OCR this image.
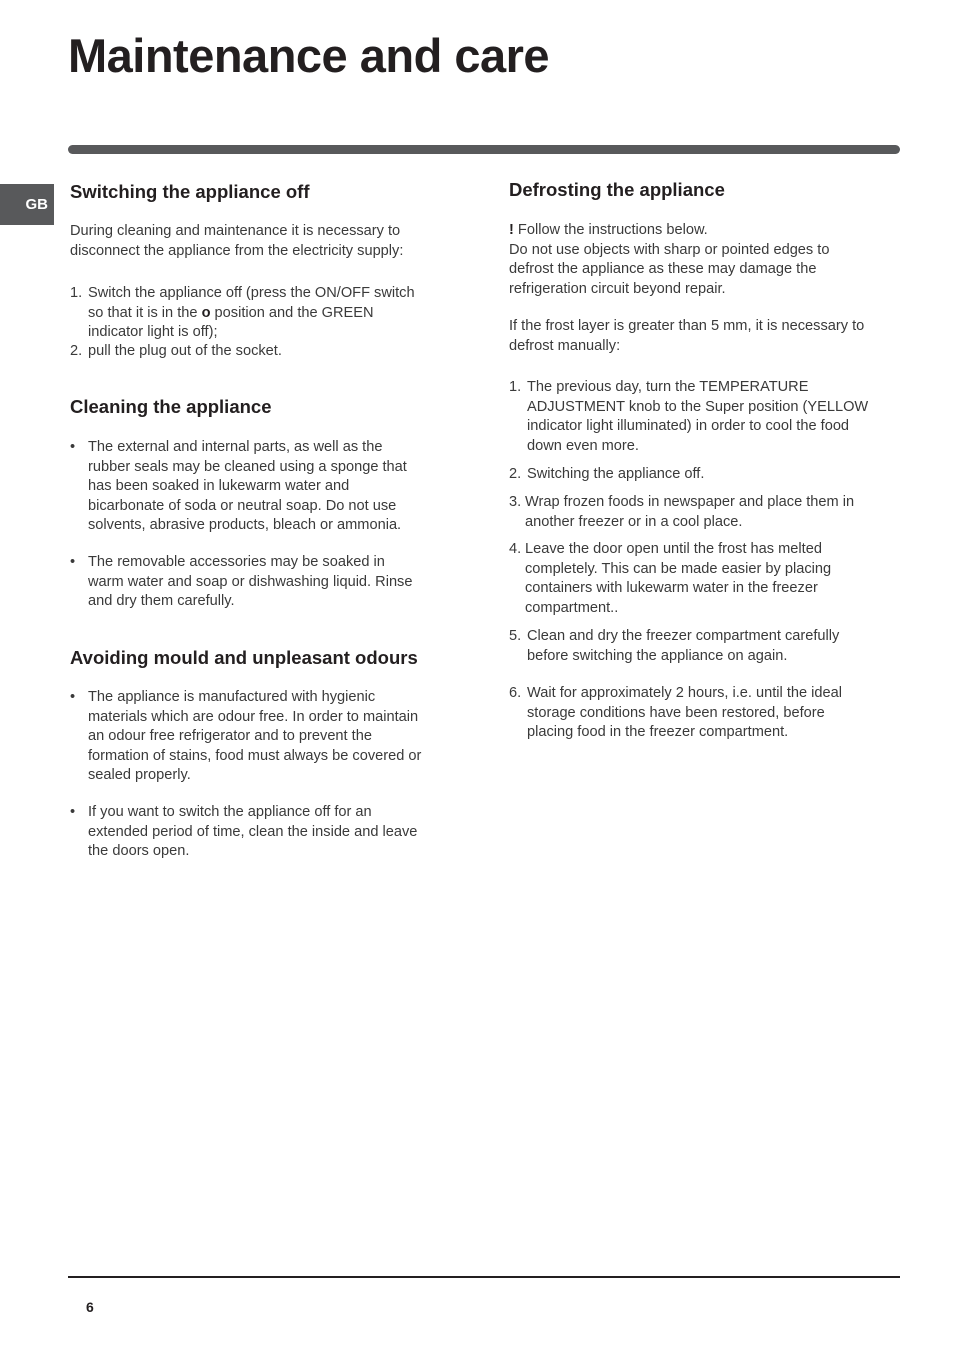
Maintenance and care
GB
Switching the appliance off

During cleaning and maintenance it is necessary to
disconnect the appliance from the electricity supply:

1. Switch the appliance off (press the ON/OFF switch
so that it is in the o position and the GREEN
indicator light is off);
2. pull the plug out of the socket.
Cleaning the appliance
• The external and internal parts, as well as the
rubber seals may be cleaned using a sponge that
has been soaked in lukewarm water and
bicarbonate of soda or neutral soap. Do not use
solvents, abrasive products, bleach or ammonia.
• The removable accessories may be soaked in
warm water and soap or dishwashing liquid. Rinse
and dry them carefully.
Avoiding mould and unpleasant odours
• The appliance is manufactured with hygienic
materials which are odour free. In order to maintain
an odour free refrigerator and to prevent the
formation of stains, food must always be covered or
sealed properly.
• If you want to switch the appliance off for an
extended period of time, clean the inside and leave
the doors open.
Defrosting the appliance

! Follow the instructions below.
Do not use objects with sharp or pointed edges to
defrost the appliance as these may damage the
refrigeration circuit beyond repair.

If the frost layer is greater than 5 mm, it is necessary to
defrost manually:

1. The previous day, turn the TEMPERATURE
ADJUSTMENT knob to the Super position (YELLOW
indicator light illuminated) in order to cool the food
down even more.
2. Switching the appliance off.
3. Wrap frozen foods in newspaper and place them in
another freezer or in a cool place.
4. Leave the door open until the frost has melted
completely. This can be made easier by placing
containers with lukewarm water in the freezer
compartment..
5. Clean and dry the freezer compartment carefully
before switching the appliance on again.
6. Wait for approximately 2 hours, i.e. until the ideal
storage conditions have been restored, before
placing food in the freezer compartment.
6
